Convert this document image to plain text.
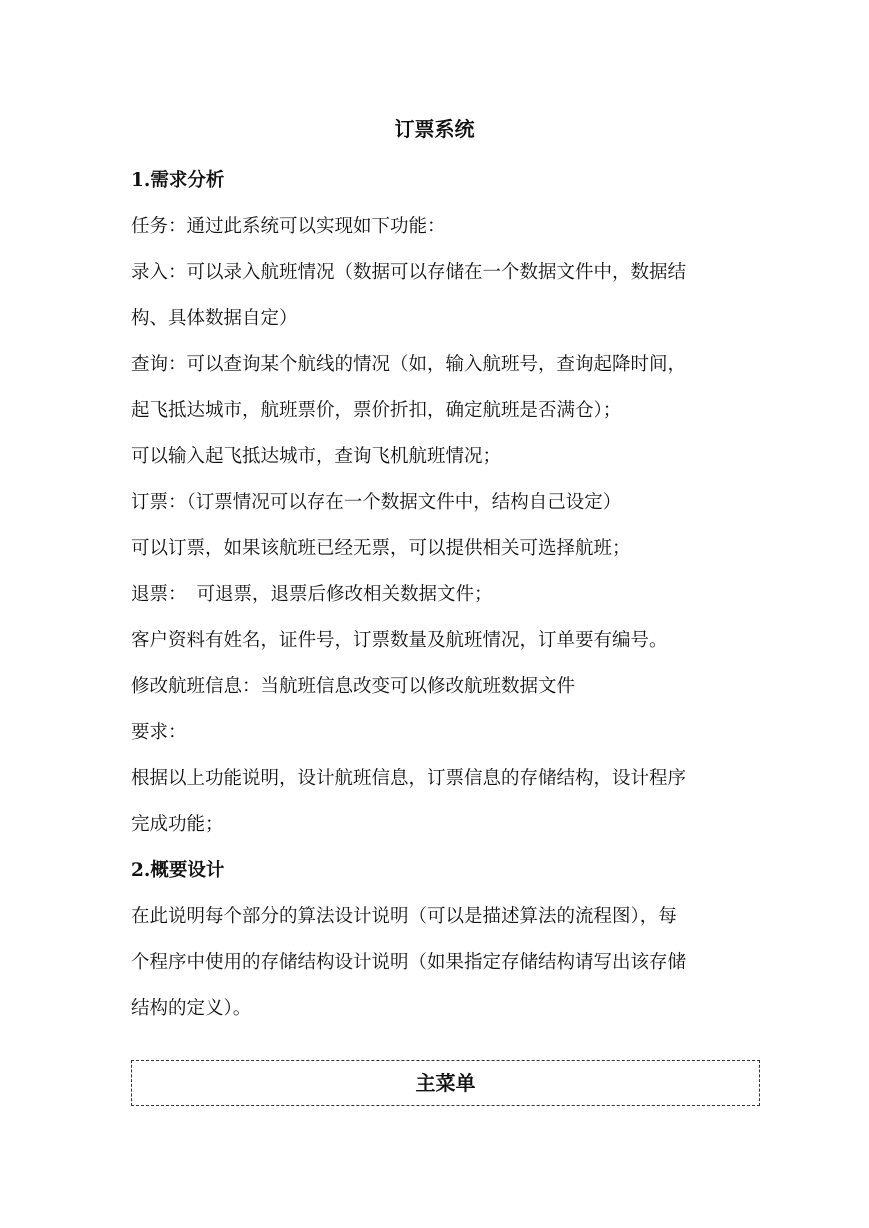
订票系统
1.需求分析
任务：通过此系统可以实现如下功能：
录入：可以录入航班情况（数据可以存储在一个数据文件中，数据结
构、具体数据自定）
查询：可以查询某个航线的情况（如，输入航班号，查询起降时间，
起飞抵达城市，航班票价，票价折扣，确定航班是否满仓）；
可以输入起飞抵达城市，查询飞机航班情况；
订票：（订票情况可以存在一个数据文件中，结构自己设定）
可以订票，如果该航班已经无票，可以提供相关可选择航班；
退票： 可退票，退票后修改相关数据文件；
客户资料有姓名，证件号，订票数量及航班情况，订单要有编号。
修改航班信息：当航班信息改变可以修改航班数据文件
要求：
根据以上功能说明，设计航班信息，订票信息的存储结构，设计程序
完成功能；
2.概要设计
在此说明每个部分的算法设计说明（可以是描述算法的流程图），每
个程序中使用的存储结构设计说明（如果指定存储结构请写出该存储
结构的定义）。
主菜单
